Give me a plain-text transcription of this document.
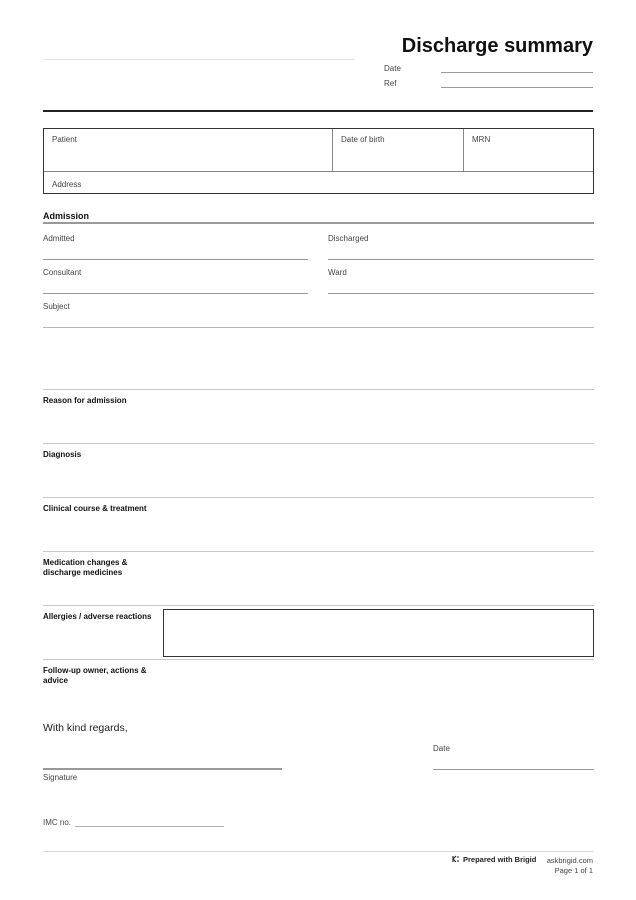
Discharge summary
Date
Ref
Patient	Date of birth	MRN
Address
Admission
Admitted	Discharged
Consultant	Ward
Subject
Reason for admission
Diagnosis
Clinical course & treatment
Medication changes &
discharge medicines
Allergies / adverse reactions
Follow-up owner, actions &
advice
With kind regards,
Date
Signature
IMC no.
Prepared with Brigid askbrigid.com
Page 1 of 1
